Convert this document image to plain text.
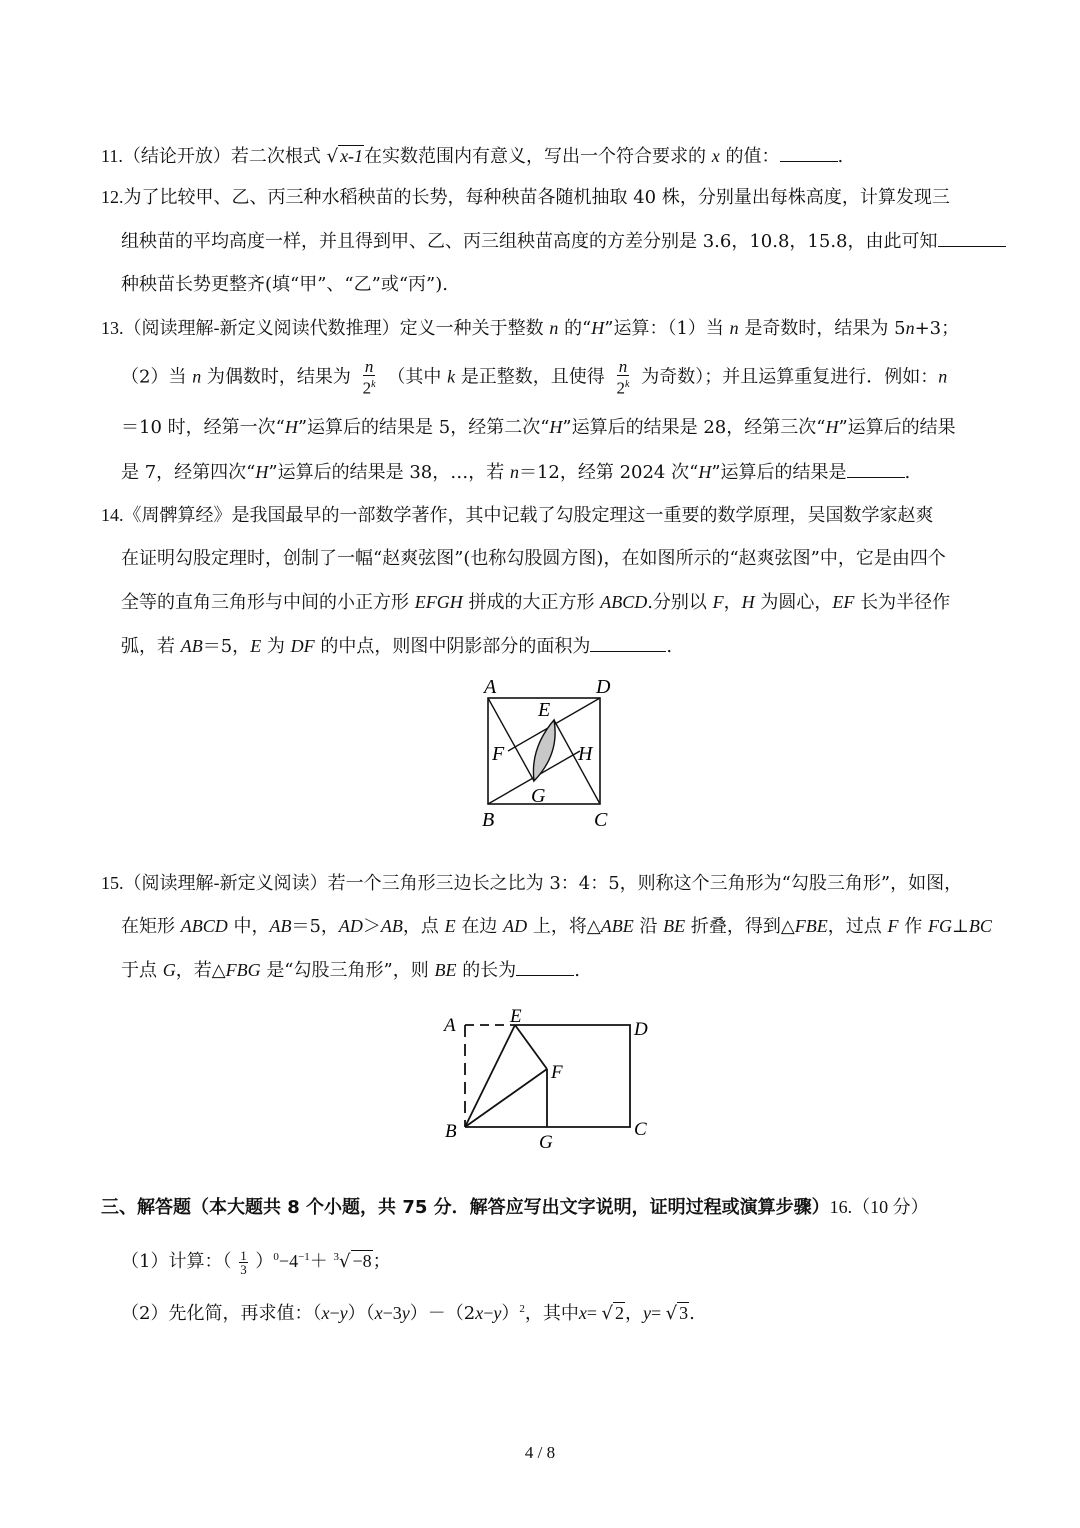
11.（结论开放）若二次根式 √ x-1在实数范围内有意义，写出一个符合要求的 x 的值：	.
12.为了比较甲、乙、丙三种水稻秧苗的长势，每种秧苗各随机抽取 40 株，分别量出每株高度，计算发现三
组秧苗的平均高度一样，并且得到甲、乙、丙三组秧苗高度的方差分别是 3.6，10.8，15.8，由此可知
种秧苗长势更整齐(填“甲”、“乙”或“丙”).
13.（阅读理解-新定义阅读代数推理）定义一种关于整数 n 的“H”运算：（1）当 n 是奇数时，结果为 5n+3；
（2）当 n 为偶数时，结果为 $\frac{n}{2^k}$ （其中 k 是正整数，且使得 $\frac{n}{2^k}$ 为奇数）；并且运算重复进行．例如：n
＝10 时，经第一次“H”运算后的结果是 5，经第二次“H”运算后的结果是 28，经第三次“H”运算后的结果
是 7，经第四次“H”运算后的结果是 38，…，若 n＝12，经第 2024 次“H”运算后的结果是	.
14.《周髀算经》是我国最早的一部数学著作，其中记载了勾股定理这一重要的数学原理，吴国数学家赵爽
在证明勾股定理时，创制了一幅“赵爽弦图”(也称勾股圆方图)，在如图所示的“赵爽弦图”中，它是由四个
全等的直角三角形与中间的小正方形 EFGH 拼成的大正方形 ABCD.分别以 F，H 为圆心，EF 长为半径作
弧，若 AB＝5，E 为 DF 的中点，则图中阴影部分的面积为	.
A	D
E
F	H
G
B	C
15.（阅读理解-新定义阅读）若一个三角形三边长之比为 3：4：5，则称这个三角形为“勾股三角形”，如图，
在矩形 ABCD 中，AB＝5，AD＞AB，点 E 在边 AD 上，将△ABE 沿 BE 折叠，得到△FBE，过点 F 作 FG⊥BC
于点 G，若△FBG 是“勾股三角形”，则 BE 的长为	.
A	E
D
F
B
G
C
三、解答题（本大题共 8 个小题，共 75 分．解答应写出文字说明，证明过程或演算步骤）16.（10 分）
（1）计算：（ $\frac{1}{3} )^0-4^{-1}+ ^3√ -8$；
（2）先化简，再求值：$(x-y)(x-3y)-(2x-y)^2$，其中x= √ 2，y= √ 3.
4 / 8
